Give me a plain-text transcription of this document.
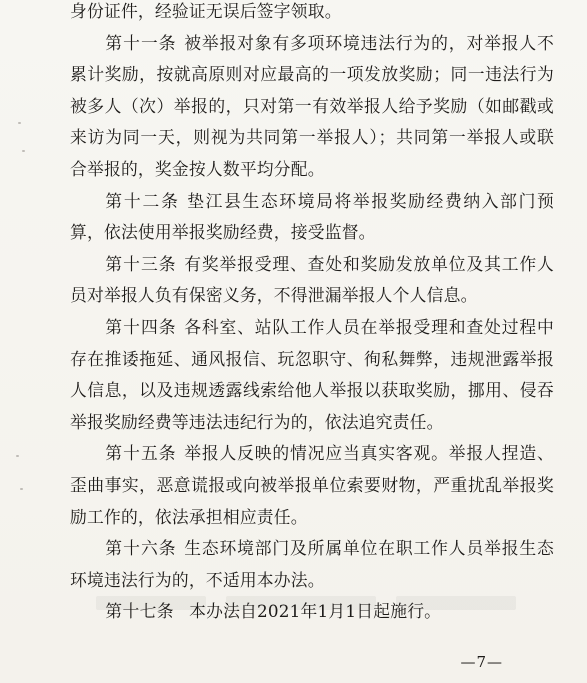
身份证件，经验证无误后签字领取。

第十一条 被举报对象有多项环境违法行为的，对举报人不累计奖励，按就高原则对应最高的一项发放奖励；同一违法行为被多人（次）举报的，只对第一有效举报人给予奖励（如邮戳或来访为同一天，则视为共同第一举报人）；共同第一举报人或联合举报的，奖金按人数平均分配。

第十二条 垫江县生态环境局将举报奖励经费纳入部门预算，依法使用举报奖励经费，接受监督。

第十三条 有奖举报受理、查处和奖励发放单位及其工作人员对举报人负有保密义务，不得泄漏举报人个人信息。

第十四条 各科室、站队工作人员在举报受理和查处过程中存在推诿拖延、通风报信、玩忽职守、徇私舞弊，违规泄露举报人信息，以及违规透露线索给他人举报以获取奖励，挪用、侵吞举报奖励经费等违法违纪行为的，依法追究责任。

第十五条 举报人反映的情况应当真实客观。举报人捏造、歪曲事实，恶意谎报或向被举报单位索要财物，严重扰乱举报奖励工作的，依法承担相应责任。

第十六条 生态环境部门及所属单位在职工作人员举报生态环境违法行为的，不适用本办法。

第十七条 本办法自2021年1月1日起施行。

—7—
